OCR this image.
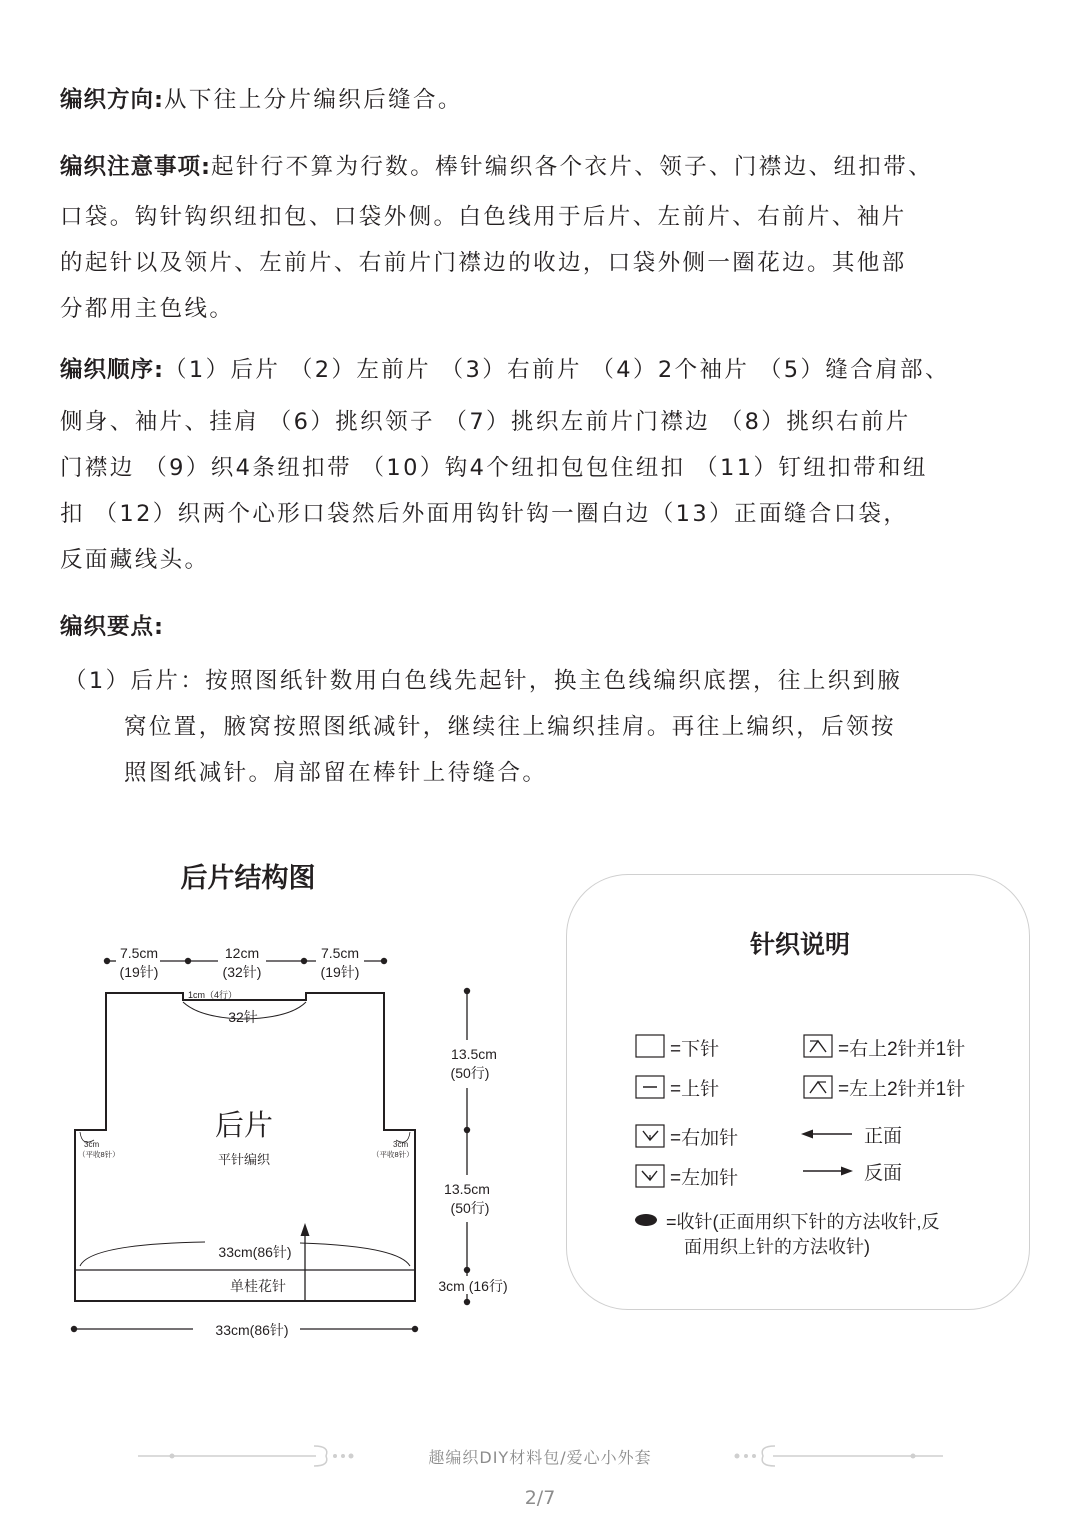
编织方向:从下往上分片编织后缝合。
编织注意事项:起针行不算为行数。棒针编织各个衣片、领子、门襟边、纽扣带、
口袋。钩针钩织纽扣包、口袋外侧。白色线用于后片、左前片、右前片、袖片
的起针以及领片、左前片、右前片门襟边的收边，口袋外侧一圈花边。其他部
分都用主色线。
编织顺序:（1）后片 （2）左前片 （3）右前片 （4）2个袖片 （5）缝合肩部、
侧身、袖片、挂肩 （6）挑织领子 （7）挑织左前片门襟边 （8）挑织右前片
门襟边 （9）织4条纽扣带 （10）钩4个纽扣包包住纽扣 （11）钉纽扣带和纽
扣 （12）织两个心形口袋然后外面用钩针钩一圈白边（13）正面缝合口袋，
反面藏线头。
编织要点:
（1）后片：按照图纸针数用白色线先起针，换主色线编织底摆，往上织到腋
窝位置，腋窝按照图纸减针，继续往上编织挂肩。再往上编织，后领按
照图纸减针。肩部留在棒针上待缝合。
后片结构图
7.5cm
(19针)
12cm
(32针)
7.5cm
(19针)
1cm（4行）
32针
后片
平针编织
3cm
（平收8针）
3cm
（平收8针）
33cm(86针)
单桂花针
33cm(86针)
13.5cm
(50行)
13.5cm
(50行)
3cm (16行)
针织说明
=下针
=上针
=右加针
=左加针
=右上2针并1针
=左上2针并1针
正面
反面
=收针(正面用织下针的方法收针,反
面用织上针的方法收针)
趣编织DIY材料包/爱心小外套
2/7
